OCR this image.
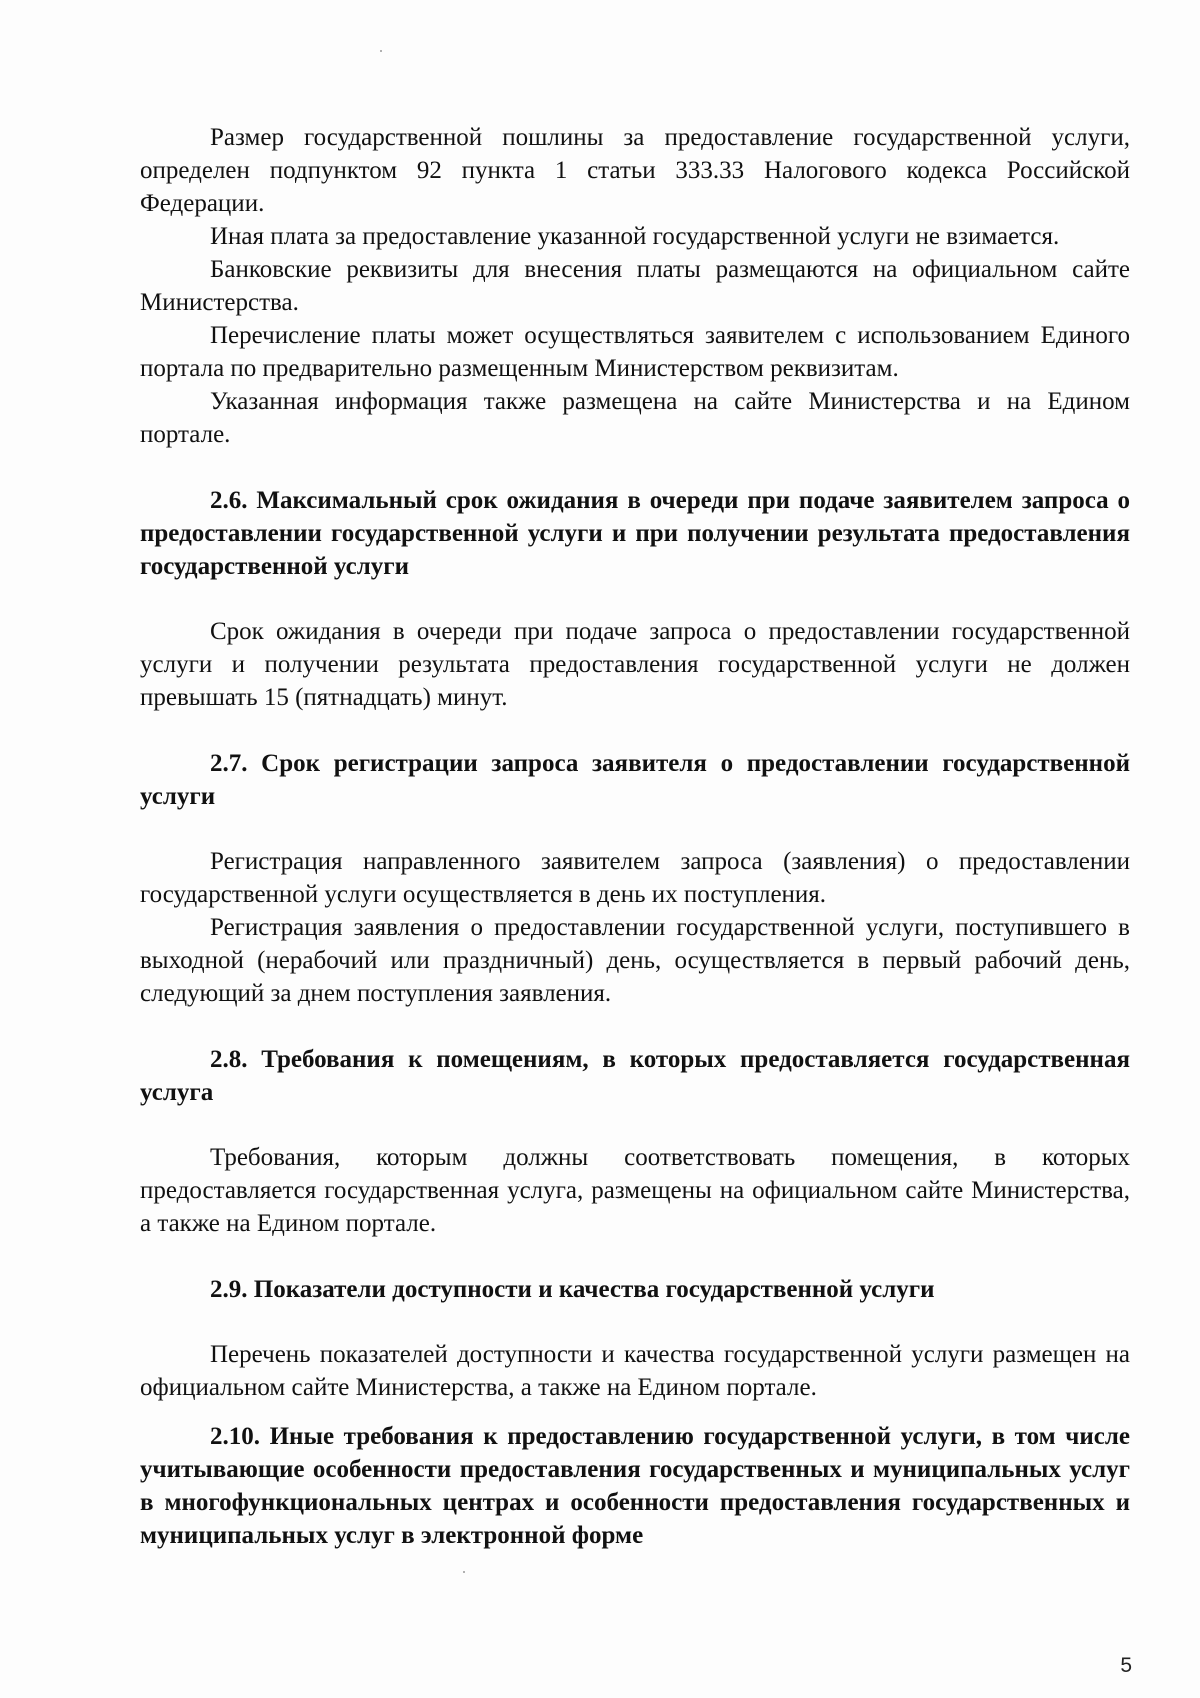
Размер государственной пошлины за предоставление государственной услуги, определен подпунктом 92 пункта 1 статьи 333.33 Налогового кодекса Российской Федерации.

Иная плата за предоставление указанной государственной услуги не взимается.

Банковские реквизиты для внесения платы размещаются на официальном сайте Министерства.

Перечисление платы может осуществляться заявителем с использованием Единого портала по предварительно размещенным Министерством реквизитам.

Указанная информация также размещена на сайте Министерства и на Едином портале.

2.6. Максимальный срок ожидания в очереди при подаче заявителем запроса о предоставлении государственной услуги и при получении результата предоставления государственной услуги

Срок ожидания в очереди при подаче запроса о предоставлении государственной услуги и получении результата предоставления государственной услуги не должен превышать 15 (пятнадцать) минут.

2.7. Срок регистрации запроса заявителя о предоставлении государственной услуги

Регистрация направленного заявителем запроса (заявления) о предоставлении государственной услуги осуществляется в день их поступления.

Регистрация заявления о предоставлении государственной услуги, поступившего в выходной (нерабочий или праздничный) день, осуществляется в первый рабочий день, следующий за днем поступления заявления.

2.8. Требования к помещениям, в которых предоставляется государственная услуга

Требования, которым должны соответствовать помещения, в которых предоставляется государственная услуга, размещены на официальном сайте Министерства, а также на Едином портале.

2.9. Показатели доступности и качества государственной услуги

Перечень показателей доступности и качества государственной услуги размещен на официальном сайте Министерства, а также на Едином портале.

2.10. Иные требования к предоставлению государственной услуги, в том числе учитывающие особенности предоставления государственных и муниципальных услуг в многофункциональных центрах и особенности предоставления государственных и муниципальных услуг в электронной форме

5
